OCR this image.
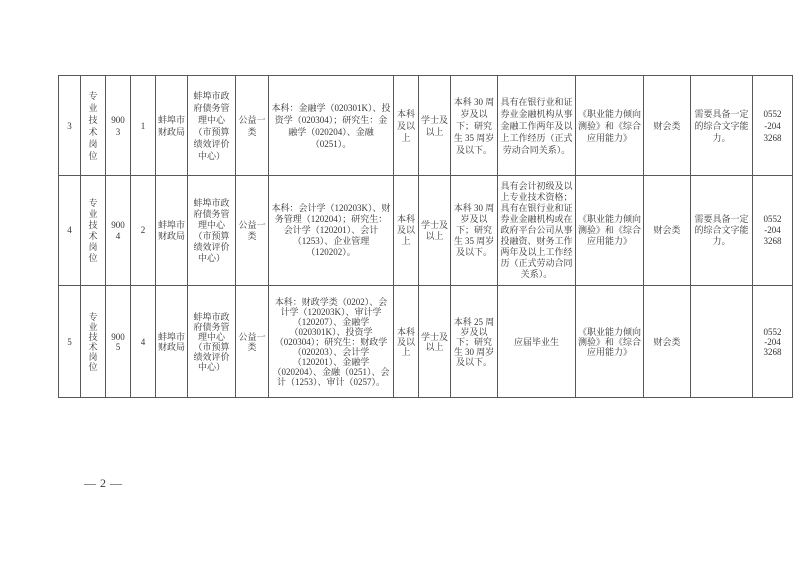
3	专业技术岗位	9003	1	蚌埠市财政局	蚌埠市政府债务管理中心（市预算绩效评价中心）	公益一类	本科：金融学（020301K）、投资学（020304）；研究生：金融学（020204）、金融（0251）。	本科及以上	学士及以上	本科 30 周岁及以下；研究生 35 周岁及以下。	具有在银行业和证券业金融机构从事金融工作两年及以上工作经历（正式劳动合同关系）。	《职业能力倾向测验》和《综合应用能力》	财会类	需要具备一定的综合文字能力。	0552-2043268
4	专业技术岗位	9004	2	蚌埠市财政局	蚌埠市政府债务管理中心（市预算绩效评价中心）	公益一类	本科：会计学（120203K）、财务管理（120204）；研究生：会计学（120201）、会计（1253）、企业管理（120202）。	本科及以上	学士及以上	本科 30 周岁及以下；研究生 35 周岁及以下。	具有会计初级及以上专业技术资格；具有在银行业和证券业金融机构或在政府平台公司从事投融资、财务工作两年及以上工作经历（正式劳动合同关系）。	《职业能力倾向测验》和《综合应用能力》	财会类	需要具备一定的综合文字能力。	0552-2043268
5	专业技术岗位	9005	4	蚌埠市财政局	蚌埠市政府债务管理中心（市预算绩效评价中心）	公益一类	本科：财政学类（0202）、会计学（120203K）、审计学（120207）、金融学（020301K）、投资学（020304）；研究生：财政学（020203）、会计学（120201）、金融学（020204）、金融（0251）、会计（1253）、审计（0257）。	本科及以上	学士及以上	本科 25 周岁及以下；研究生 30 周岁及以下。	应届毕业生	《职业能力倾向测验》和《综合应用能力》	财会类		0552-2043268
— 2 —
